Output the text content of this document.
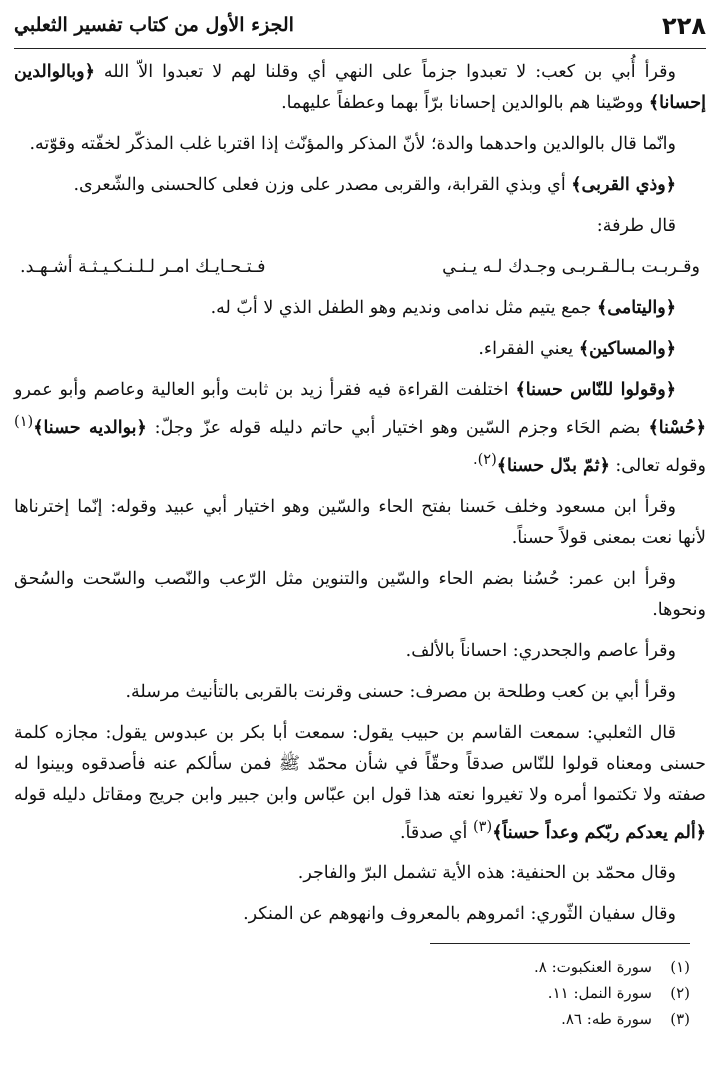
٢٢٨
الجزء الأول من كتاب تفسير الثعلبي

وقرأ أُبي بن كعب: لا تعبدوا جزماً على النهي أي وقلنا لهم لا تعبدوا الاّ الله ﴿وبالوالدين إحسانا﴾ ووصّينا هم بالوالدين إحسانا برّاً بهما وعطفاً عليهما.

وانّما قال بالوالدين واحدهما والدة؛ لأنّ المذكر والمؤنّث إذا اقتربا غلب المذكّر لخفّته وقوّته.

﴿وذي القربى﴾ أي وبذي القرابة، والقربى مصدر على وزن فعلى كالحسنى والشّعرى.

قال طرفة:

وقـربـت بـالـقـربـى وجـدك لـه يـنـي
فـتـحـايـك امـر لـلـنـكـيـثـة أشـهـد.

﴿واليتامى﴾ جمع يتيم مثل ندامى ونديم وهو الطفل الذي لا أبّ له.

﴿والمساكين﴾ يعني الفقراء.

﴿وقولوا للنّاس حسنا﴾ اختلفت القراءة فيه فقرأ زيد بن ثابت وأبو العالية وعاصم وأبو عمرو ﴿حُسْنا﴾ بضم الحَاء وجزم السّين وهو اختيار أبي حاتم دليله قوله عزّ وجلّ: ﴿بوالديه حسنا﴾$^{(١)}$ وقوله تعالى: ﴿ثمّ بدّل حسنا﴾$^{(٢).}$

وقرأ ابن مسعود وخلف حَسنا بفتح الحاء والسّين وهو اختيار أبي عبيد وقوله: إنّما إخترناها لأنها نعت بمعنى قولاً حسناً.

وقرأ ابن عمر: حُسُنا بضم الحاء والسّين والتنوين مثل الرّعب والنّصب والسّحت والسُحق ونحوها.

وقرأ عاصم والجحدري: احساناً بالألف.

وقرأ أبي بن كعب وطلحة بن مصرف: حسنى وقرنت بالقربى بالتأنيث مرسلة.

قال الثعلبي: سمعت القاسم بن حبيب يقول: سمعت أبا بكر بن عبدوس يقول: مجازه كلمة حسنى ومعناه قولوا للنّاس صدقاً وحقّاً في شأن محمّد ﷺ فمن سألكم عنه فأصدقوه وبينوا له صفته ولا تكتموا أمره ولا تغيروا نعته هذا قول ابن عبّاس وابن جبير وابن جريج ومقاتل دليله قوله ﴿ألم يعدكم ربّكم وعداً حسناً﴾$^{(٣)}$ أي صدقاً.

وقال محمّد بن الحنفية: هذه الأية تشمل البرّ والفاجر.

وقال سفيان الثّوري: ائمروهم بالمعروف وانهوهم عن المنكر.

(١)
سورة العنكبوت: ٨.
(٢)
سورة النمل: ١١.
(٣)
سورة طه: ٨٦.
